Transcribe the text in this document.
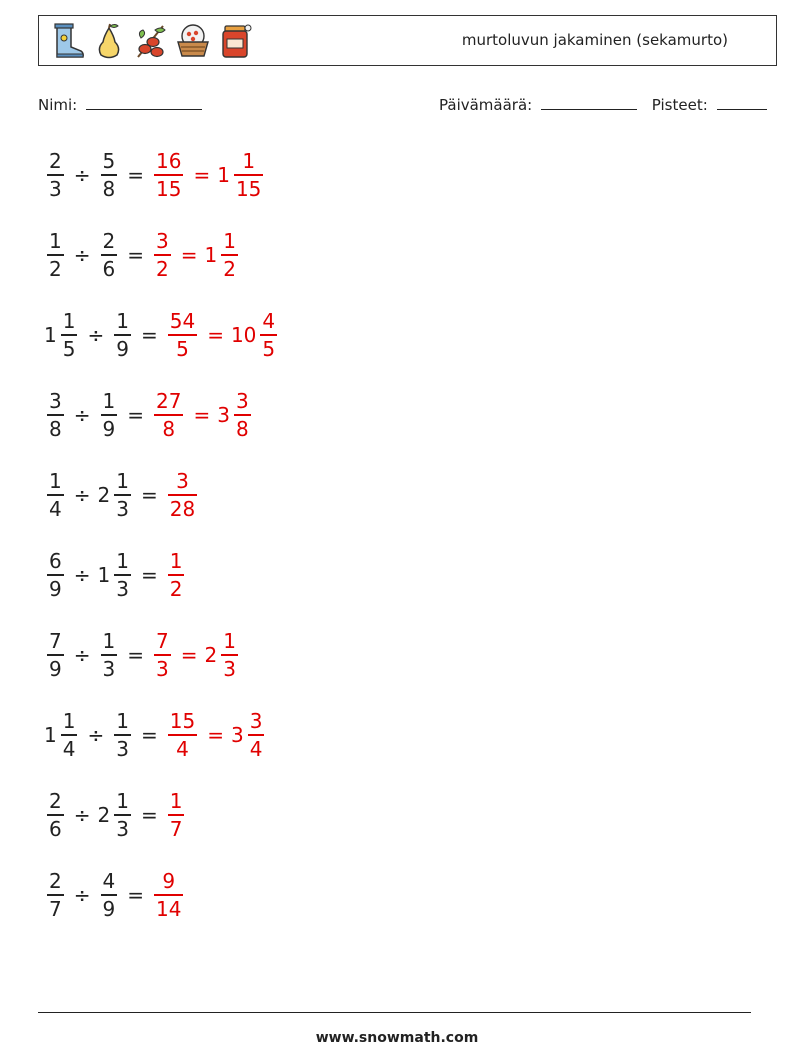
murtoluvun jakaminen (sekamurto)
Nimi:	Päivämäärä:	Pisteet:
$\frac{2}{3} \div \frac{5}{8} = \frac{16}{15} = 1 \frac{1}{15}$
$\frac{1}{2} \div \frac{2}{6} = \frac{3}{2} = 1 \frac{1}{2}$
$1 \frac{1}{5} \div \frac{1}{9} = \frac{54}{5} = 10 \frac{4}{5}$
$\frac{3}{8} \div \frac{1}{9} = \frac{27}{8} = 3 \frac{3}{8}$
$\frac{1}{4} \div 2 \frac{1}{3} = \frac{3}{28}$
$\frac{6}{9} \div 1 \frac{1}{3} = \frac{1}{2}$
$\frac{7}{9} \div \frac{1}{3} = \frac{7}{3} = 2 \frac{1}{3}$
$1 \frac{1}{4} \div \frac{1}{3} = \frac{15}{4} = 3 \frac{3}{4}$
$\frac{2}{6} \div 2 \frac{1}{3} = \frac{1}{7}$
$\frac{2}{7} \div \frac{4}{9} = \frac{9}{14}$
www.snowmath.com
